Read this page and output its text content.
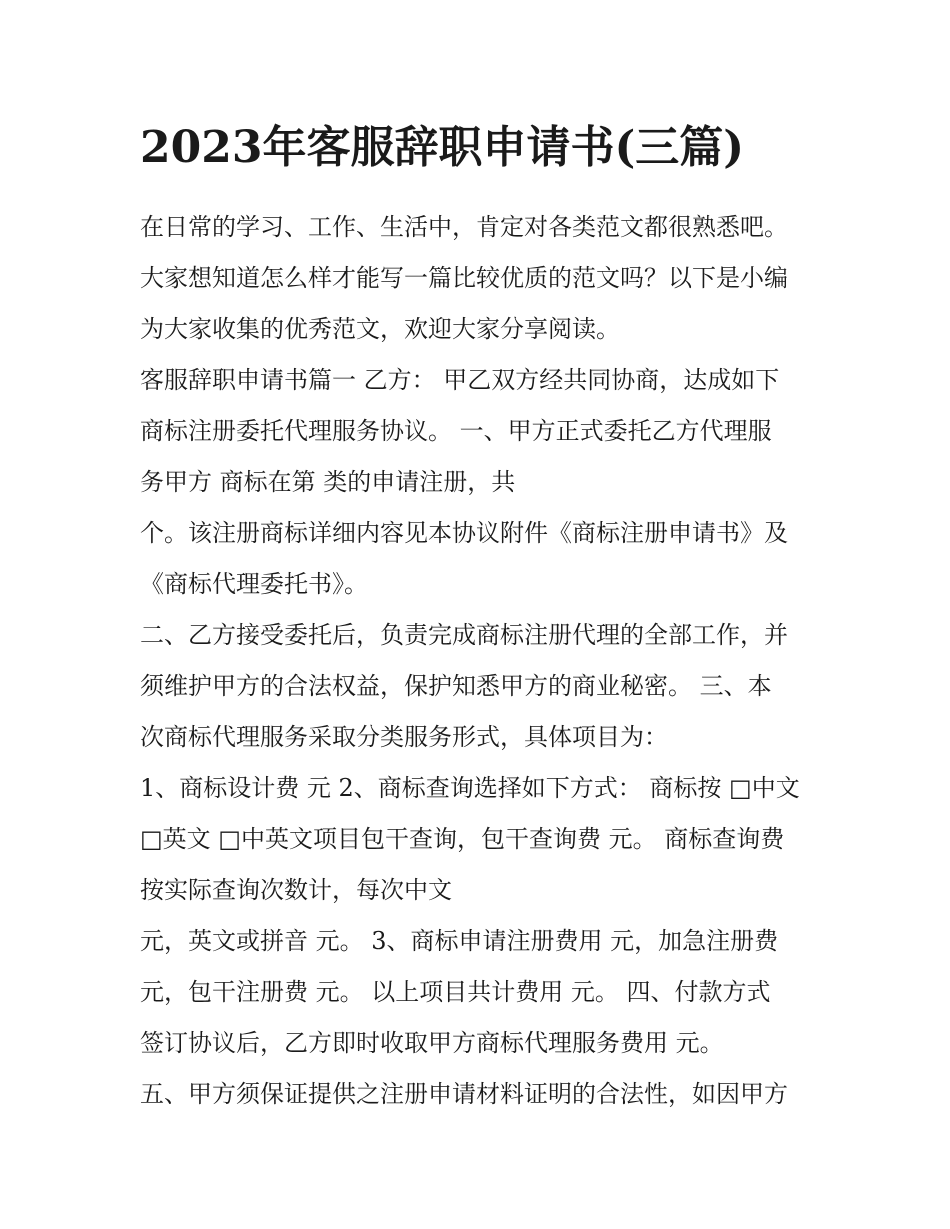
2023年客服辞职申请书(三篇)
在日常的学习、工作、生活中，肯定对各类范文都很熟悉吧。
大家想知道怎么样才能写一篇比较优质的范文吗？以下是小编
为大家收集的优秀范文，欢迎大家分享阅读。
客服辞职申请书篇一 乙方： 甲乙双方经共同协商，达成如下
商标注册委托代理服务协议。 一、甲方正式委托乙方代理服
务甲方 商标在第 类的申请注册，共
个。该注册商标详细内容见本协议附件《商标注册申请书》及
《商标代理委托书》。
二、乙方接受委托后，负责完成商标注册代理的全部工作，并
须维护甲方的合法权益，保护知悉甲方的商业秘密。 三、本
次商标代理服务采取分类服务形式，具体项目为：
1、商标设计费 元 2、商标查询选择如下方式： 商标按 □中文
□英文 □中英文项目包干查询，包干查询费 元。 商标查询费
按实际查询次数计，每次中文
元，英文或拼音 元。 3、商标申请注册费用 元，加急注册费
元，包干注册费 元。 以上项目共计费用 元。 四、付款方式
签订协议后，乙方即时收取甲方商标代理服务费用 元。
五、甲方须保证提供之注册申请材料证明的合法性，如因甲方
